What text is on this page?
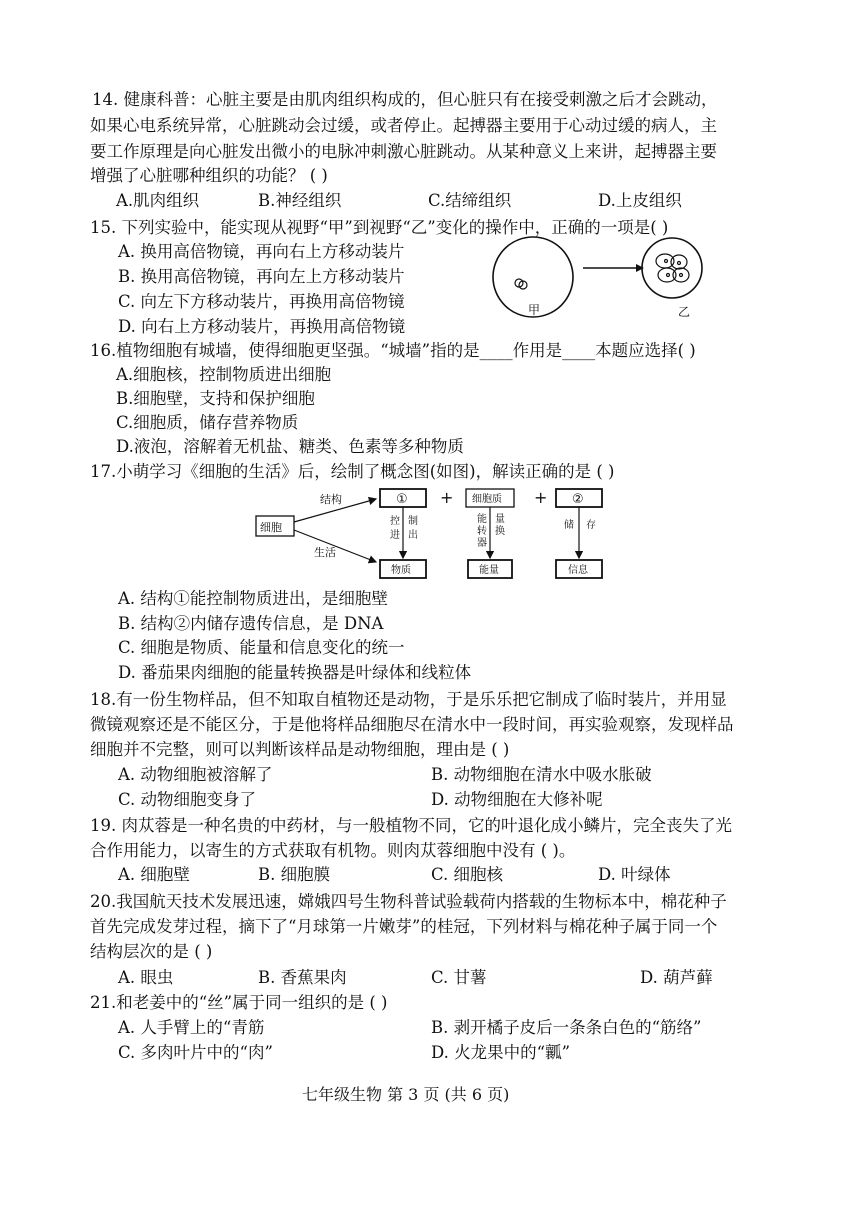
14. 健康科普：心脏主要是由肌肉组织构成的，但心脏只有在接受刺激之后才会跳动，
如果心电系统异常，心脏跳动会过缓，或者停止。起搏器主要用于心动过缓的病人，主
要工作原理是向心脏发出微小的电脉冲刺激心脏跳动。从某种意义上来讲，起搏器主要
增强了心脏哪种组织的功能？ ( )
A.肌肉组织	B.神经组织	C.结缔组织	D.上皮组织
15. 下列实验中，能实现从视野“甲”到视野“乙”变化的操作中，正确的一项是( )
A. 换用高倍物镜，再向右上方移动装片
B. 换用高倍物镜，再向左上方移动装片
C. 向左下方移动装片，再换用高倍物镜
D. 向右上方移动装片，再换用高倍物镜
甲	乙
16.植物细胞有城墙，使得细胞更坚强。“城墙”指的是____作用是____本题应选择( )
A.细胞核，控制物质进出细胞
B.细胞壁，支持和保护细胞
C.细胞质，储存营养物质
D.液泡，溶解着无机盐、糖类、色素等多种物质
17.小萌学习《细胞的生活》后，绘制了概念图(如图)，解读正确的是 ( )
细胞
结构
生活
① + 细胞质 + ②
控进
制出
能转器
量换
储 存
物质	能量	信息
A. 结构①能控制物质进出，是细胞壁
B. 结构②内储存遗传信息，是 DNA
C. 细胞是物质、能量和信息变化的统一
D. 番茄果肉细胞的能量转换器是叶绿体和线粒体
18.有一份生物样品，但不知取自植物还是动物，于是乐乐把它制成了临时装片，并用显
微镜观察还是不能区分，于是他将样品细胞尽在清水中一段时间，再实验观察，发现样品
细胞并不完整，则可以判断该样品是动物细胞，理由是 ( )
A. 动物细胞被溶解了	B. 动物细胞在清水中吸水胀破
C. 动物细胞变身了	D. 动物细胞在大修补呢
19. 肉苁蓉是一种名贵的中药材，与一般植物不同，它的叶退化成小鳞片，完全丧失了光
合作用能力，以寄生的方式获取有机物。则肉苁蓉细胞中没有 ( )。
A. 细胞壁	B. 细胞膜	C. 细胞核	D. 叶绿体
20.我国航天技术发展迅速，嫦娥四号生物科普试验载荷内搭载的生物标本中，棉花种子
首先完成发芽过程，摘下了“月球第一片嫩芽”的桂冠，下列材料与棉花种子属于同一个
结构层次的是 ( )
A. 眼虫	B. 香蕉果肉	C. 甘薯	D. 葫芦藓
21.和老姜中的“丝”属于同一组织的是 ( )
A. 人手臂上的“青筋	B. 剥开橘子皮后一条条白色的“筋络”
C. 多肉叶片中的“肉”	D. 火龙果中的“瓤”
七年级生物 第 3 页 (共 6 页)
